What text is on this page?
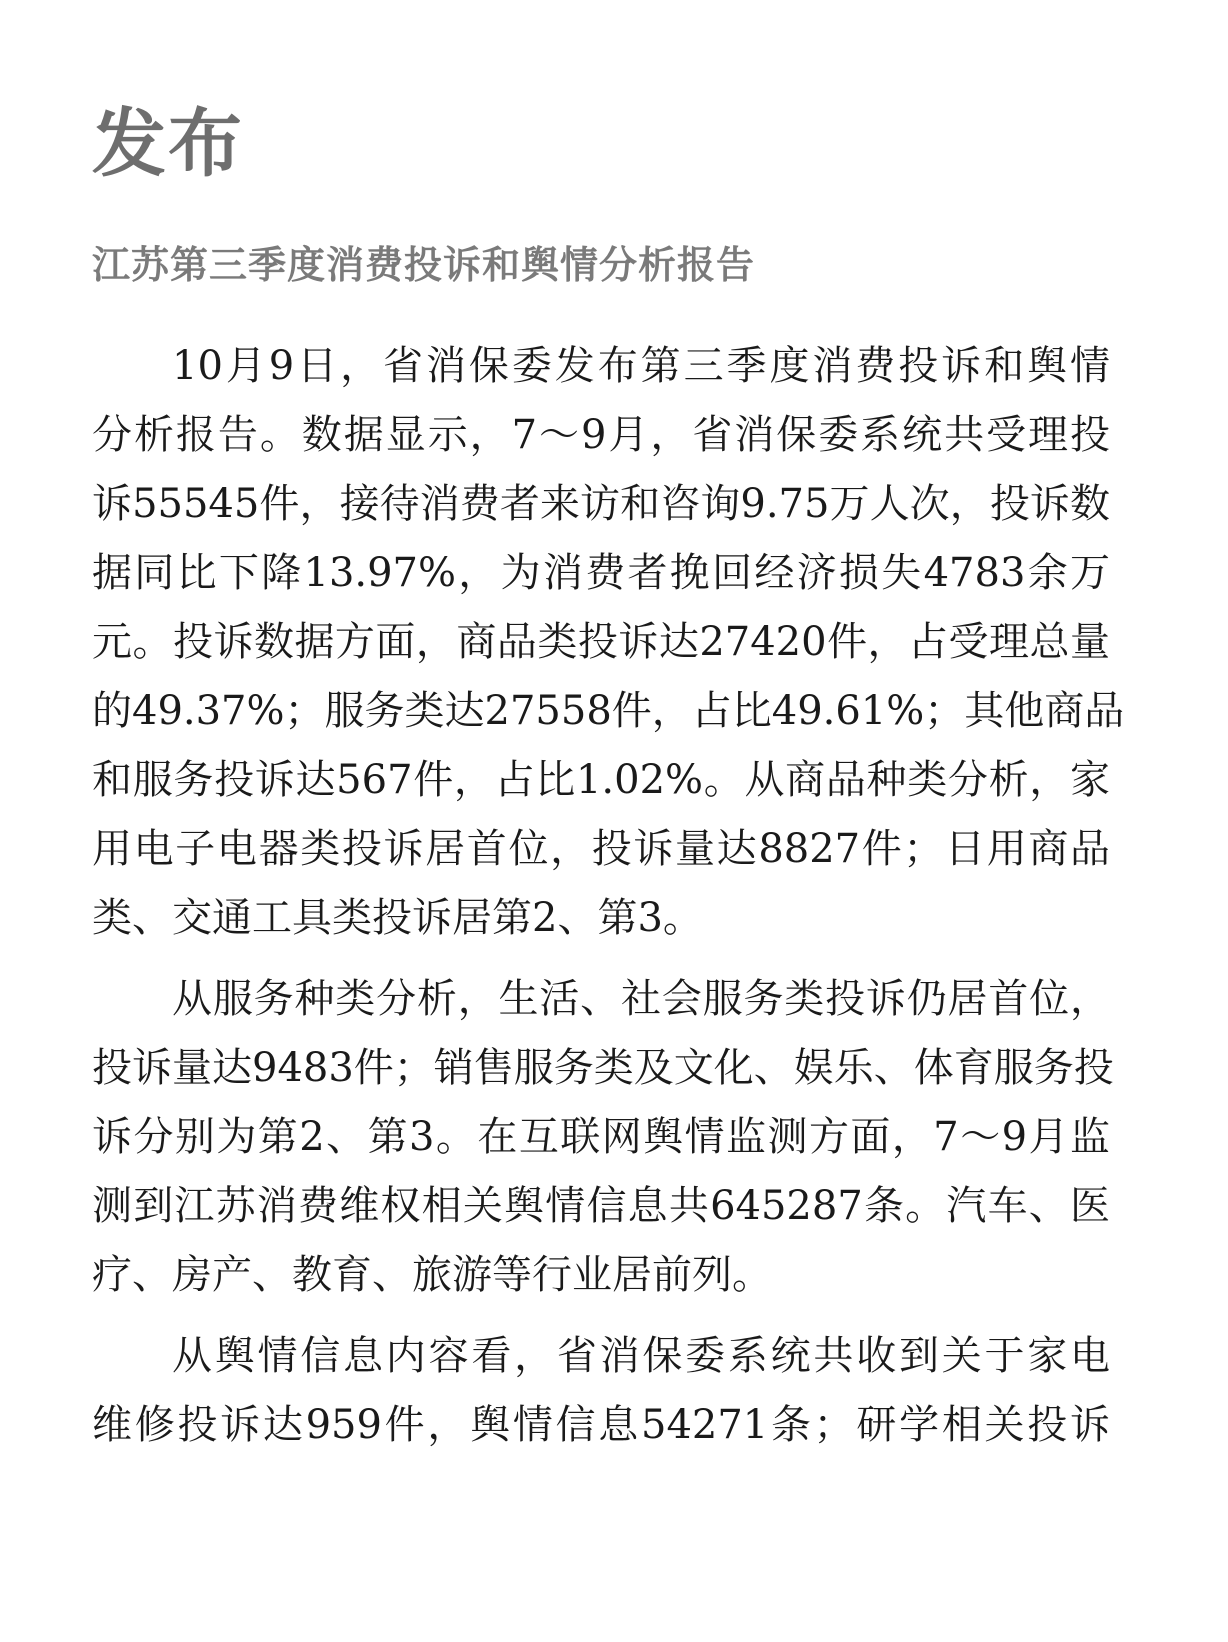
发布
江苏第三季度消费投诉和舆情分析报告
10月9日，省消保委发布第三季度消费投诉和舆情
分析报告。数据显示，7～9月，省消保委系统共受理投
诉55545件，接待消费者来访和咨询9.75万人次，投诉数
据同比下降13.97%，为消费者挽回经济损失4783余万
元。投诉数据方面，商品类投诉达27420件，占受理总量
的49.37%；服务类达27558件，占比49.61%；其他商品
和服务投诉达567件，占比1.02%。从商品种类分析，家
用电子电器类投诉居首位，投诉量达8827件；日用商品
类、交通工具类投诉居第2、第3。
从服务种类分析，生活、社会服务类投诉仍居首位，
投诉量达9483件；销售服务类及文化、娱乐、体育服务投
诉分别为第2、第3。在互联网舆情监测方面，7～9月监
测到江苏消费维权相关舆情信息共645287条。汽车、医
疗、房产、教育、旅游等行业居前列。
从舆情信息内容看，省消保委系统共收到关于家电
维修投诉达959件，舆情信息54271条；研学相关投诉
